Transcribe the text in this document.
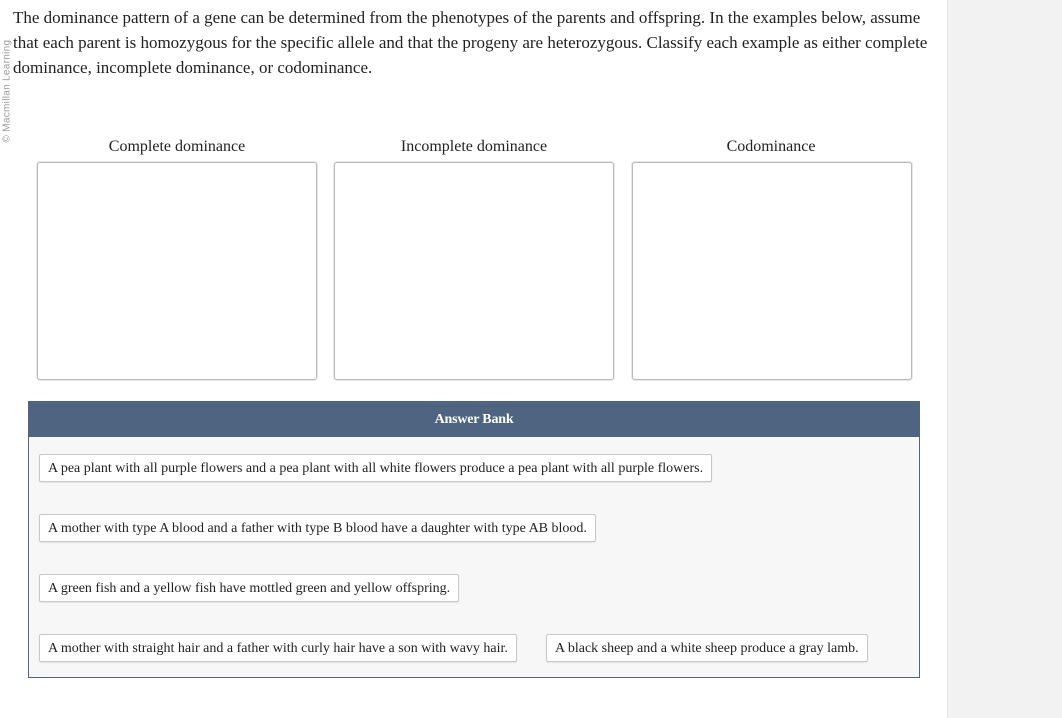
© Macmillan Learning
The dominance pattern of a gene can be determined from the phenotypes of the parents and offspring. In the examples below, assume that each parent is homozygous for the specific allele and that the progeny are heterozygous. Classify each example as either complete dominance, incomplete dominance, or codominance.
Complete dominance	Incomplete dominance	Codominance
Answer Bank
A pea plant with all purple flowers and a pea plant with all white flowers produce a pea plant with all purple flowers.
A mother with type A blood and a father with type B blood have a daughter with type AB blood.
A green fish and a yellow fish have mottled green and yellow offspring.
A mother with straight hair and a father with curly hair have a son with wavy hair.	A black sheep and a white sheep produce a gray lamb.
